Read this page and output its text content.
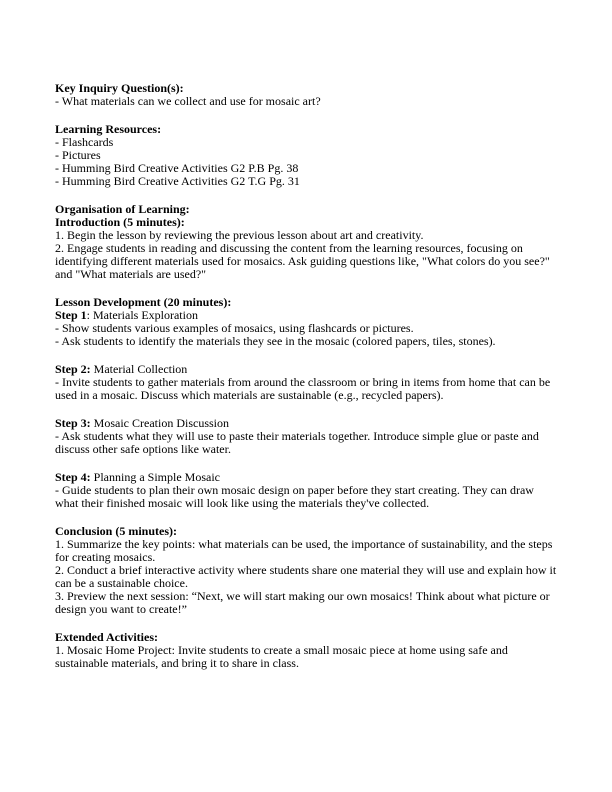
Key Inquiry Question(s):

- What materials can we collect and use for mosaic art?

Learning Resources:

- Flashcards

- Pictures

- Humming Bird Creative Activities G2 P.B Pg. 38

- Humming Bird Creative Activities G2 T.G Pg. 31

Organisation of Learning:

Introduction (5 minutes):

1. Begin the lesson by reviewing the previous lesson about art and creativity.

2. Engage students in reading and discussing the content from the learning resources, focusing on identifying different materials used for mosaics. Ask guiding questions like, "What colors do you see?" and "What materials are used?"

Lesson Development (20 minutes):

Step 1: Materials Exploration

- Show students various examples of mosaics, using flashcards or pictures.

- Ask students to identify the materials they see in the mosaic (colored papers, tiles, stones).

Step 2: Material Collection

- Invite students to gather materials from around the classroom or bring in items from home that can be used in a mosaic. Discuss which materials are sustainable (e.g., recycled papers).

Step 3: Mosaic Creation Discussion

- Ask students what they will use to paste their materials together. Introduce simple glue or paste and discuss other safe options like water.

Step 4: Planning a Simple Mosaic

- Guide students to plan their own mosaic design on paper before they start creating. They can draw what their finished mosaic will look like using the materials they've collected.

Conclusion (5 minutes):

1. Summarize the key points: what materials can be used, the importance of sustainability, and the steps for creating mosaics.

2. Conduct a brief interactive activity where students share one material they will use and explain how it can be a sustainable choice.

3. Preview the next session: “Next, we will start making our own mosaics! Think about what picture or design you want to create!”

Extended Activities:

1. Mosaic Home Project: Invite students to create a small mosaic piece at home using safe and sustainable materials, and bring it to share in class.
